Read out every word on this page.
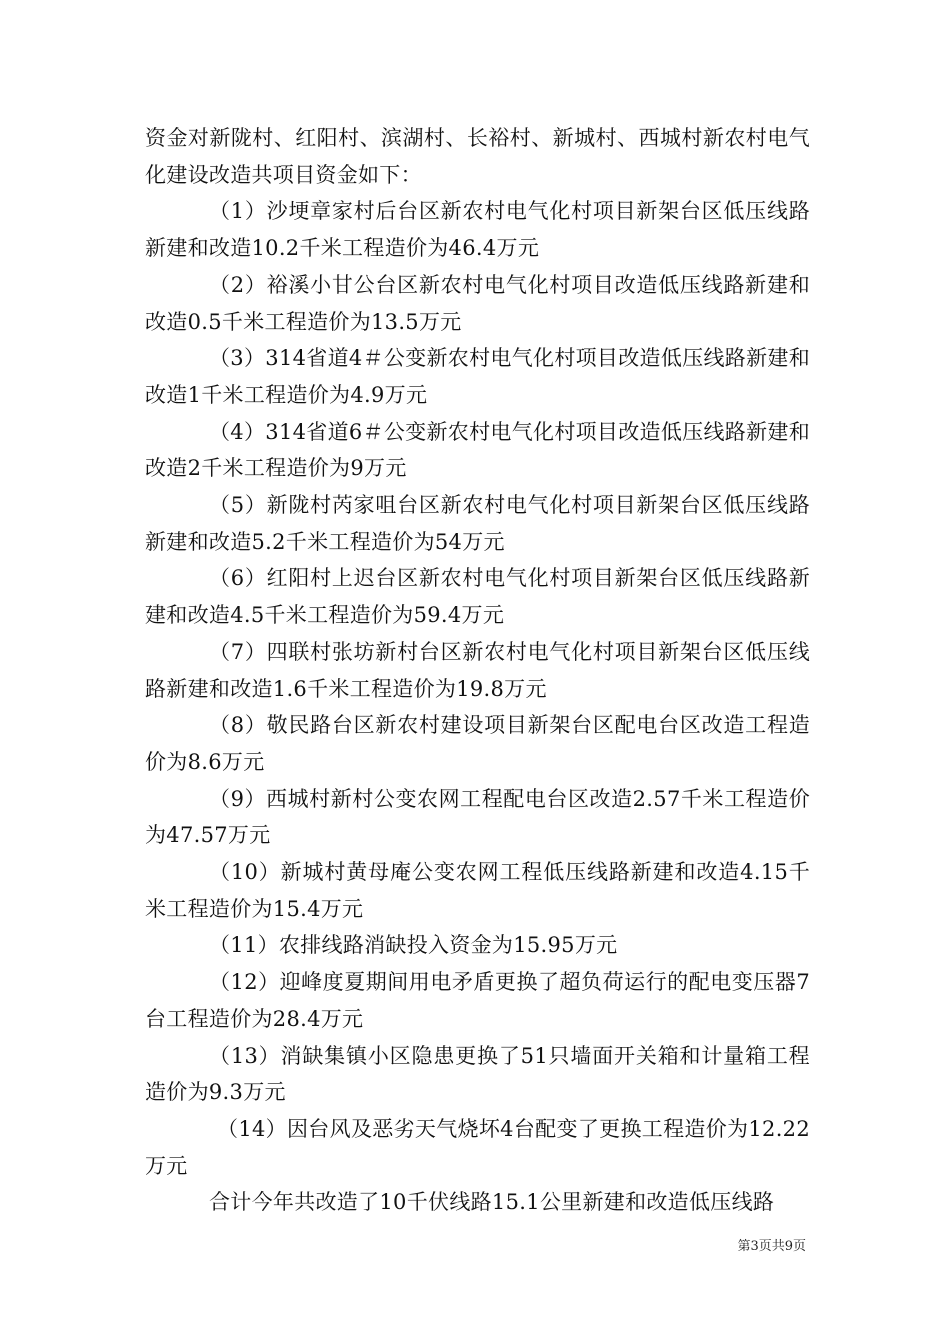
资金对新陇村、红阳村、滨湖村、长裕村、新城村、西城村新农村电气化建设改造共项目资金如下：

（1）沙埂章家村后台区新农村电气化村项目新架台区低压线路新建和改造10.2千米工程造价为46.4万元

（2）裕溪小甘公台区新农村电气化村项目改造低压线路新建和改造0.5千米工程造价为13.5万元

（3）314省道4＃公变新农村电气化村项目改造低压线路新建和改造1千米工程造价为4.9万元

（4）314省道6＃公变新农村电气化村项目改造低压线路新建和改造2千米工程造价为9万元

（5）新陇村芮家咀台区新农村电气化村项目新架台区低压线路新建和改造5.2千米工程造价为54万元

（6）红阳村上迟台区新农村电气化村项目新架台区低压线路新建和改造4.5千米工程造价为59.4万元

（7）四联村张坊新村台区新农村电气化村项目新架台区低压线路新建和改造1.6千米工程造价为19.8万元

（8）敬民路台区新农村建设项目新架台区配电台区改造工程造价为8.6万元

（9）西城村新村公变农网工程配电台区改造2.57千米工程造价为47.57万元

（10）新城村黄母庵公变农网工程低压线路新建和改造4.15千米工程造价为15.4万元

（11）农排线路消缺投入资金为15.95万元

（12）迎峰度夏期间用电矛盾更换了超负荷运行的配电变压器7台工程造价为28.4万元

（13）消缺集镇小区隐患更换了51只墙面开关箱和计量箱工程造价为9.3万元

（14）因台风及恶劣天气烧坏4台配变了更换工程造价为12.22万元

合计今年共改造了10千伏线路15.1公里新建和改造低压线路

第3页共9页
